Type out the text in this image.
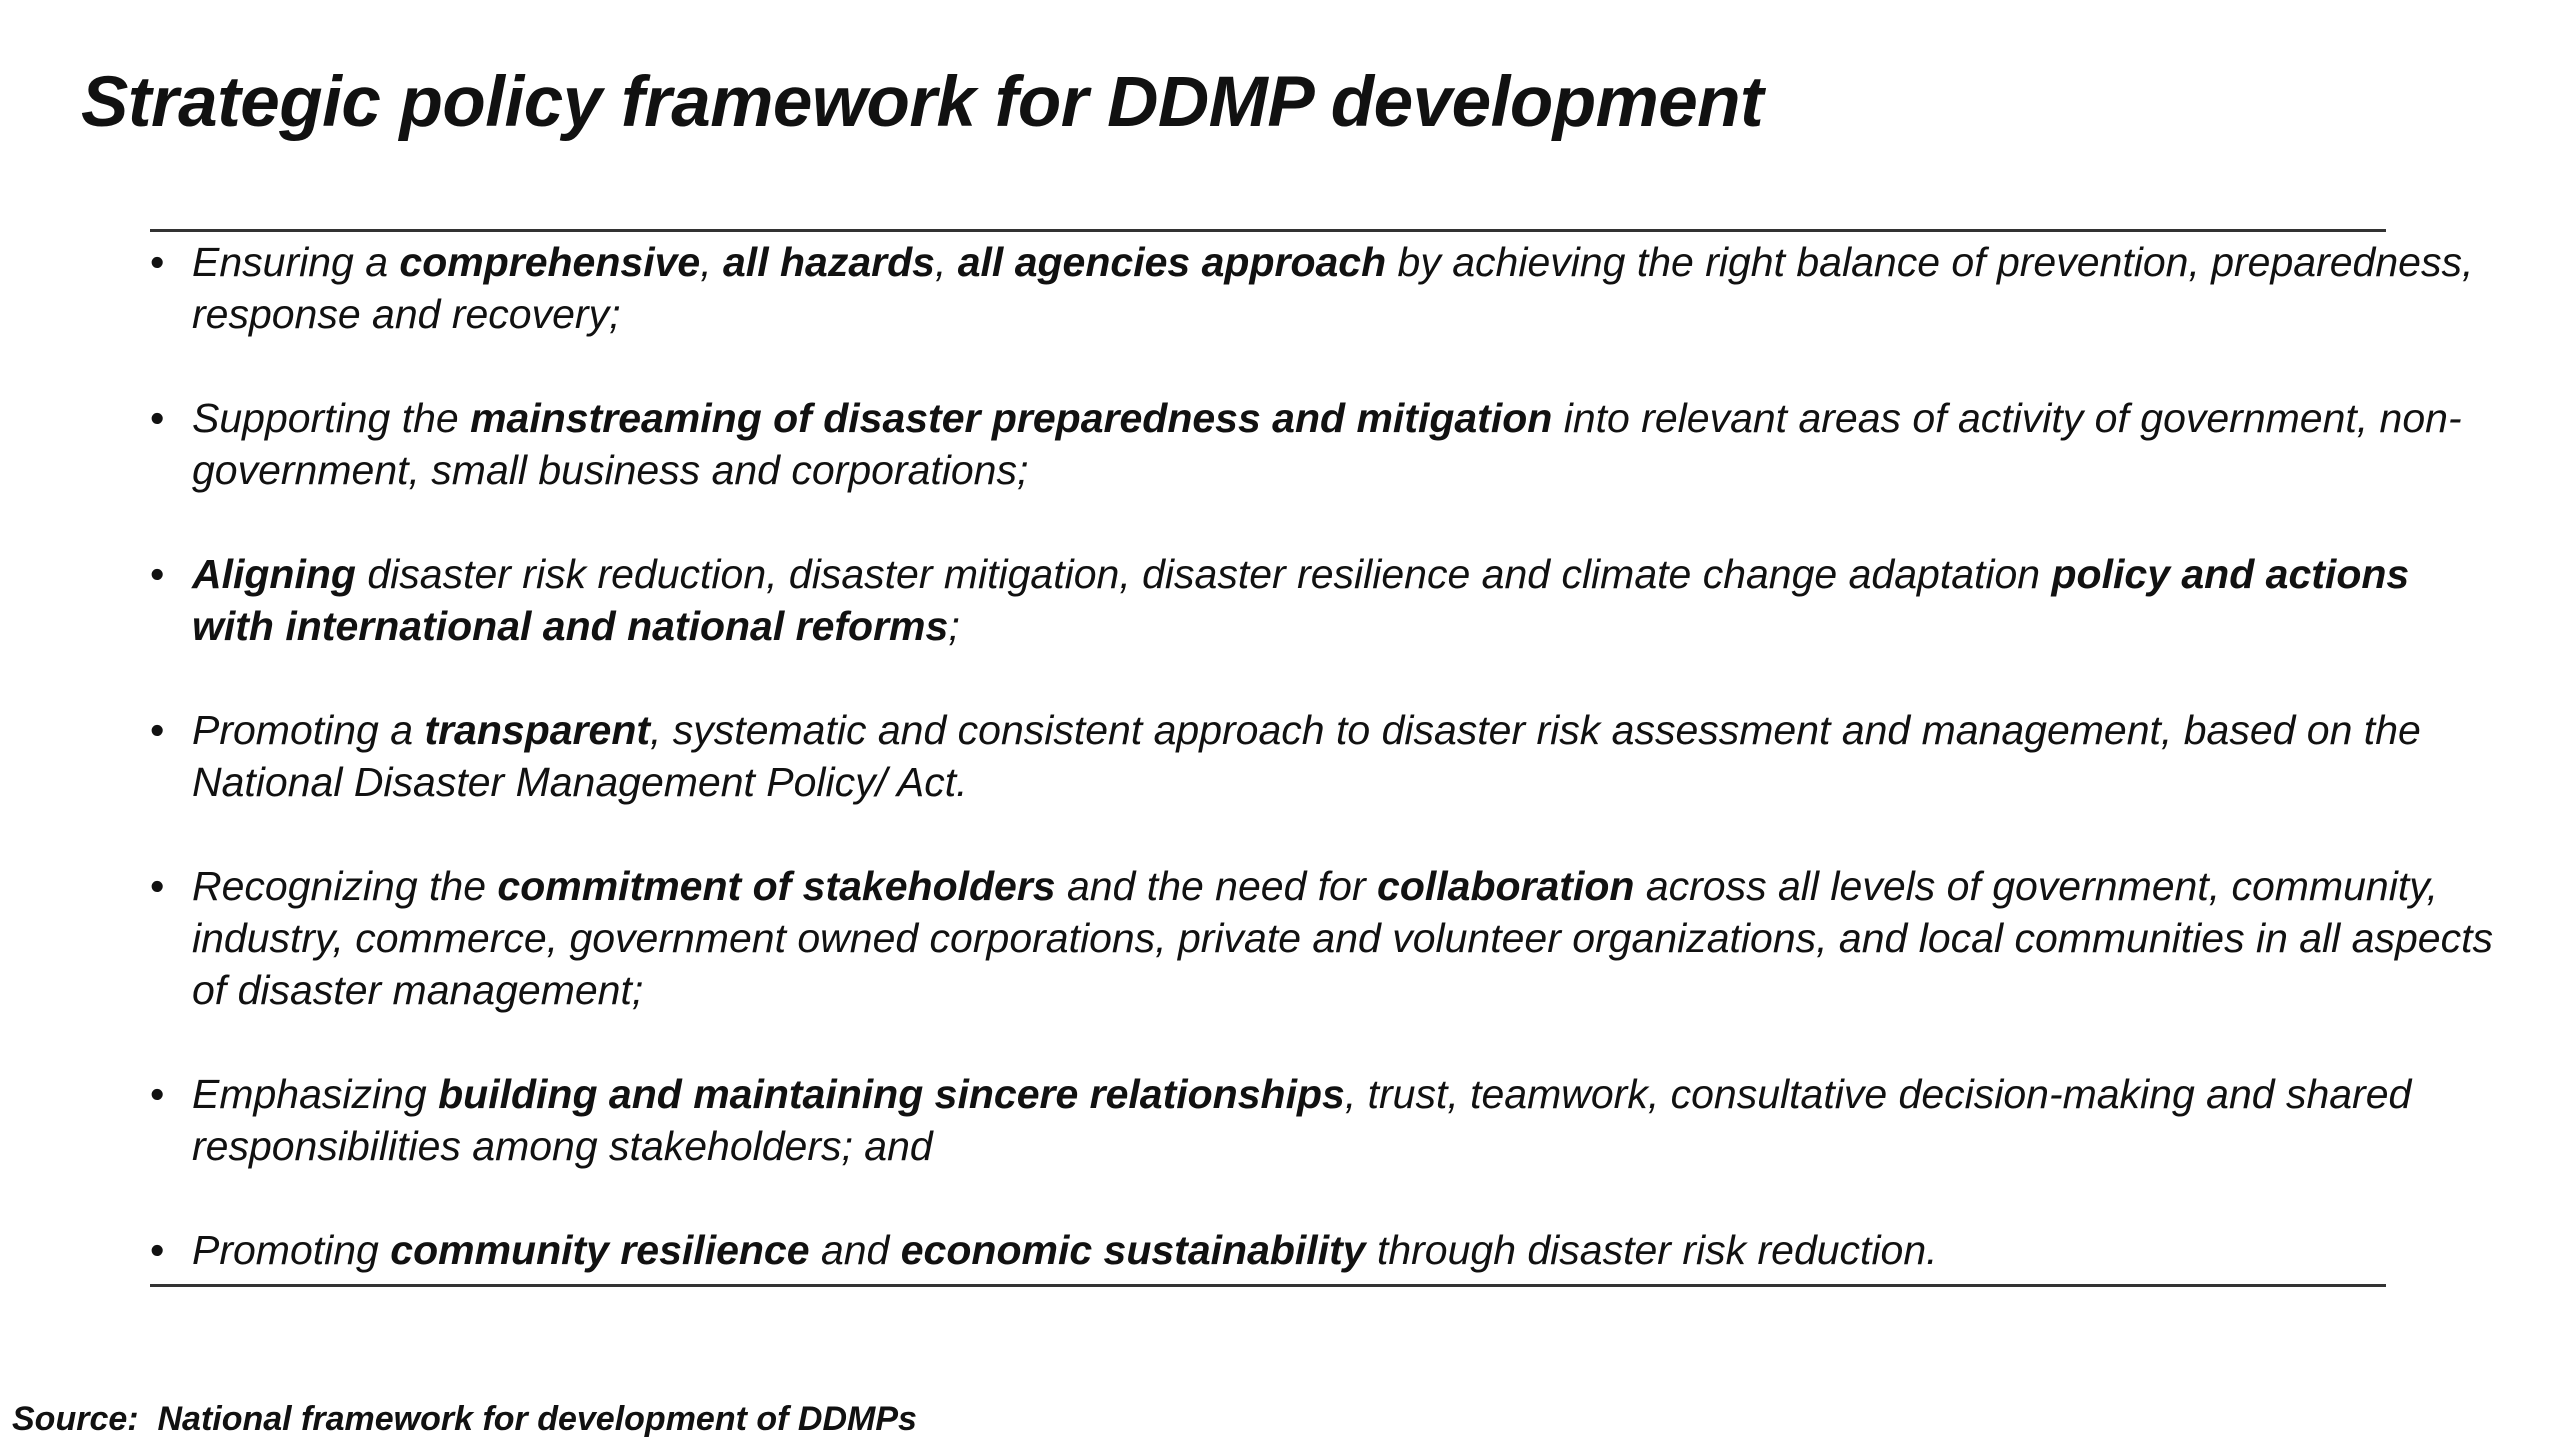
Strategic policy framework for DDMP development
• Ensuring a comprehensive, all hazards, all agencies approach by achieving the right balance of prevention, preparedness, response and recovery;
• Supporting the mainstreaming of disaster preparedness and mitigation into relevant areas of activity of government, non-government, small business and corporations;
• Aligning disaster risk reduction, disaster mitigation, disaster resilience and climate change adaptation policy and actions with international and national reforms;
• Promoting a transparent, systematic and consistent approach to disaster risk assessment and management, based on the National Disaster Management Policy/ Act.
• Recognizing the commitment of stakeholders and the need for collaboration across all levels of government, community, industry, commerce, government owned corporations, private and volunteer organizations, and local communities in all aspects of disaster management;
• Emphasizing building and maintaining sincere relationships, trust, teamwork, consultative decision-making and shared responsibilities among stakeholders; and
• Promoting community resilience and economic sustainability through disaster risk reduction.
Source:  National framework for development of DDMPs
